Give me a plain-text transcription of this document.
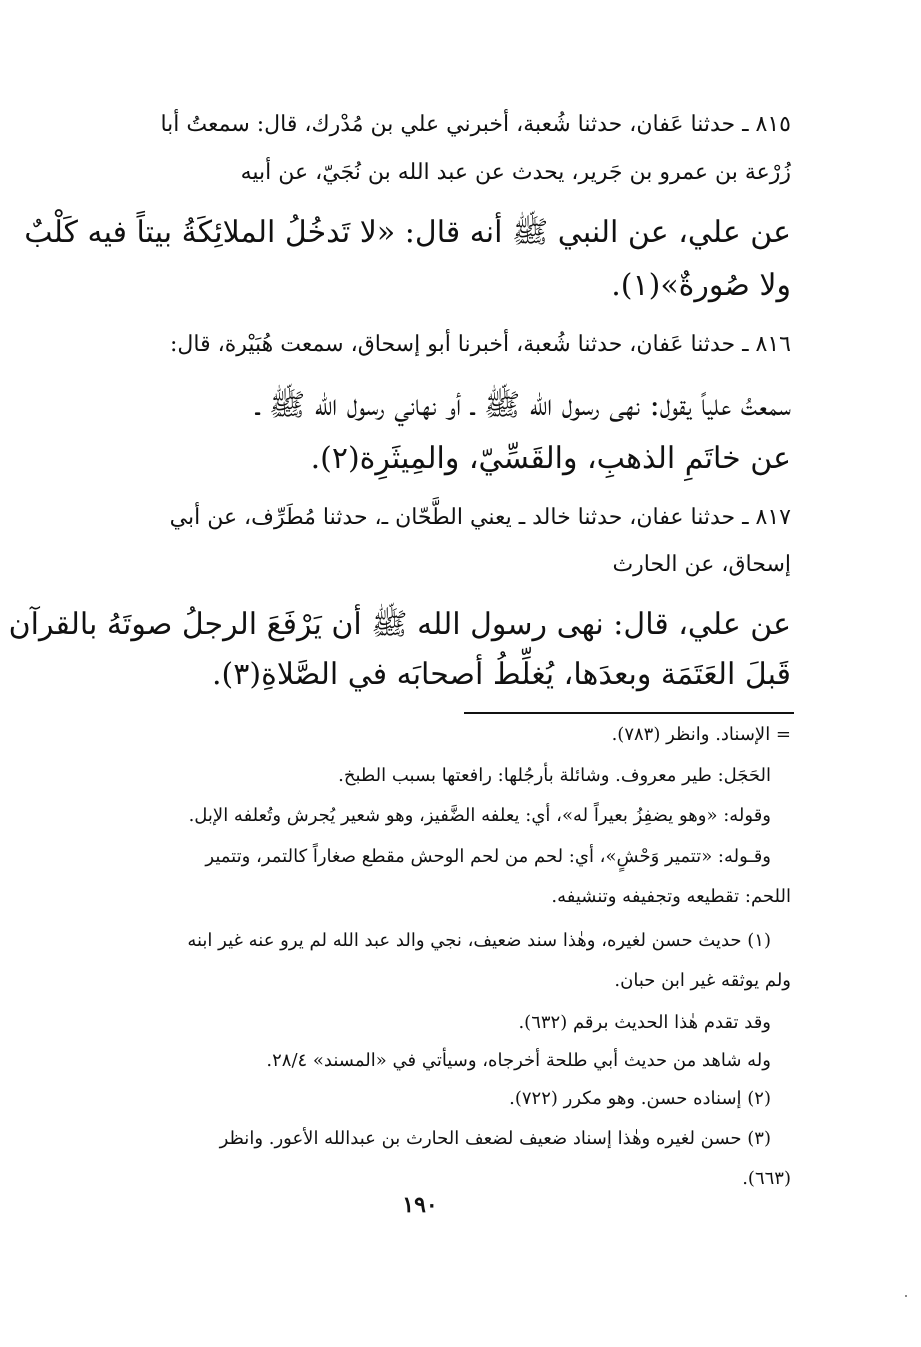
٨١٥ ـ حدثنا عَفان، حدثنا شُعبة، أخبرني علي بن مُدْرك، قال: سمعتُ أبا
زُرْعة بن عمرو بن جَرير، يحدث عن عبد الله بن نُجَيّ، عن أبيه
عن علي، عن النبي ﷺ أنه قال: «لا تَدخُلُ الملائِكَةُ بيتاً فيه كَلْبٌ
ولا صُورةٌ»(١).
٨١٦ ـ حدثنا عَفان، حدثنا شُعبة، أخبرنا أبو إسحاق، سمعت هُبَيْرة، قال:
سمعتُ علياً يقول: نهى رسول الله ﷺ ـ أو نهاني رسول الله ﷺ ـ
عن خاتَمِ الذهبِ، والقَسِّيّ، والمِيثَرِة(٢).
٨١٧ ـ حدثنا عفان، حدثنا خالد ـ يعني الطَّحّان ـ، حدثنا مُطَرِّف، عن أبي
إسحاق، عن الحارث
عن علي، قال: نهى رسول الله ﷺ أن يَرْفَعَ الرجلُ صوتَهُ بالقرآن
قَبلَ العَتَمَة وبعدَها، يُغلِّطُ أصحابَه في الصَّلاةِ(٣).
= الإسناد. وانظر (٧٨٣).
الحَجَل: طير معروف. وشائلة بأرجُلها: رافعتها بسبب الطبخ.
وقوله: «وهو يضفِزُ بعيراً له»، أي: يعلفه الضَّفيز، وهو شعير يُجرش وتُعلفه الإبل.
وقـوله: «تتمير وَحْشٍ»، أي: لحم من لحم الوحش مقطع صغاراً كالتمر، وتتمير
اللحم: تقطيعه وتجفيفه وتنشيفه.
(١) حديث حسن لغيره، وهٰذا سند ضعيف، نجي والد عبد الله لم يرو عنه غير ابنه
ولم يوثقه غير ابن حبان.
وقد تقدم هٰذا الحديث برقم (٦٣٢).
وله شاهد من حديث أبي طلحة أخرجاه، وسيأتي في «المسند» ٢٨/٤.
(٢) إسناده حسن. وهو مكرر (٧٢٢).
(٣) حسن لغيره وهٰذا إسناد ضعيف لضعف الحارث بن عبدالله الأعور. وانظر
(٦٦٣).
١٩٠
